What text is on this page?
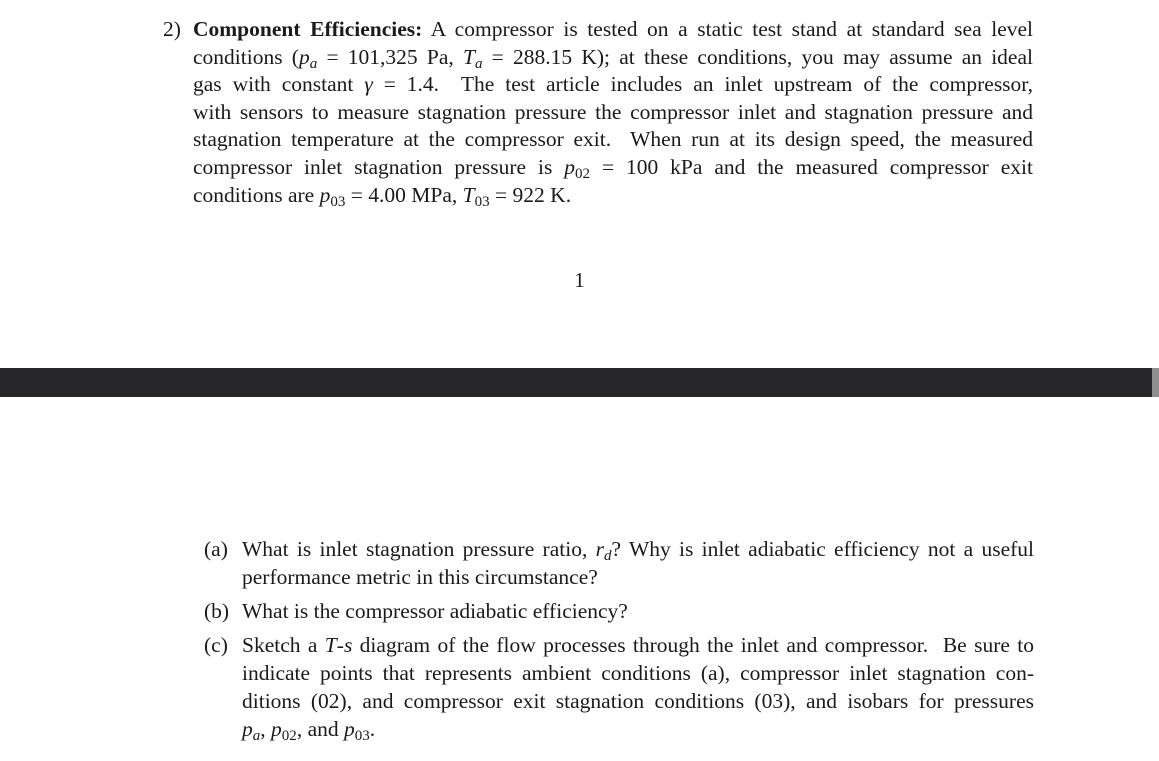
2) Component Efficiencies: A compressor is tested on a static test stand at standard sea level
conditions ($p_a = 101,325$ Pa, $T_a = 288.15$ K); at these conditions, you may assume an ideal
gas with constant γ = 1.4.  The test article includes an inlet upstream of the compressor,
with sensors to measure stagnation pressure the compressor inlet and stagnation pressure and
stagnation temperature at the compressor exit.  When run at its design speed, the measured
compressor inlet stagnation pressure is $p_{02} = 100$ kPa and the measured compressor exit
conditions are $p_{03} = 4.00$ MPa, $T_{03} = 922$ K.
1
(a) What is inlet stagnation pressure ratio, $r_d$? Why is inlet adiabatic efficiency not a useful
performance metric in this circumstance?
(b) What is the compressor adiabatic efficiency?
(c) Sketch a T-s diagram of the flow processes through the inlet and compressor.  Be sure to
indicate points that represents ambient conditions (a), compressor inlet stagnation con-
ditions (02), and compressor exit stagnation conditions (03), and isobars for pressures
$p_a$, $p_{02}$, and $p_{03}$.
